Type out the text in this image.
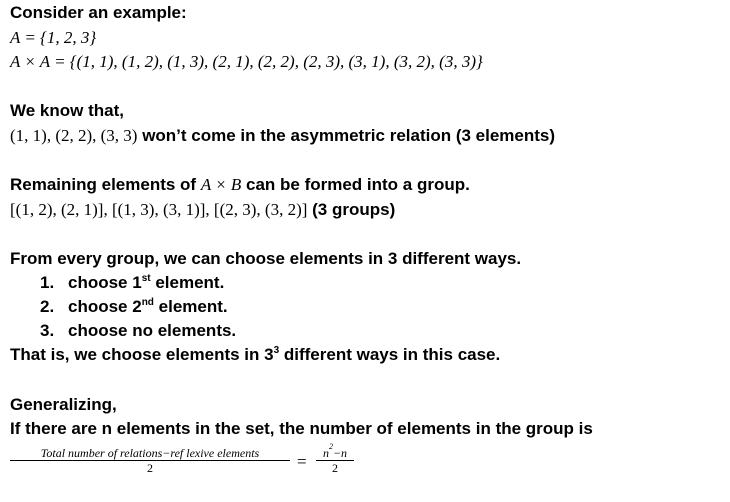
Consider an example:
A = {1, 2, 3}
A × A = {(1, 1), (1, 2), (1, 3), (2, 1), (2, 2), (2, 3), (3, 1), (3, 2), (3, 3)}
We know that,
(1, 1), (2, 2), (3, 3) won’t come in the asymmetric relation (3 elements)
Remaining elements of A × B can be formed into a group.
[(1, 2), (2, 1)], [(1, 3), (3, 1)], [(2, 3), (3, 2)] (3 groups)
From every group, we can choose elements in 3 different ways.
1. choose 1st element.
2. choose 2nd element.
3. choose no elements.
That is, we choose elements in $3^3$ different ways in this case.
Generalizing,
If there are n elements in the set, the number of elements in the group is
Total number of relations−ref lexive elements
2	=	$n^2-n$
2
